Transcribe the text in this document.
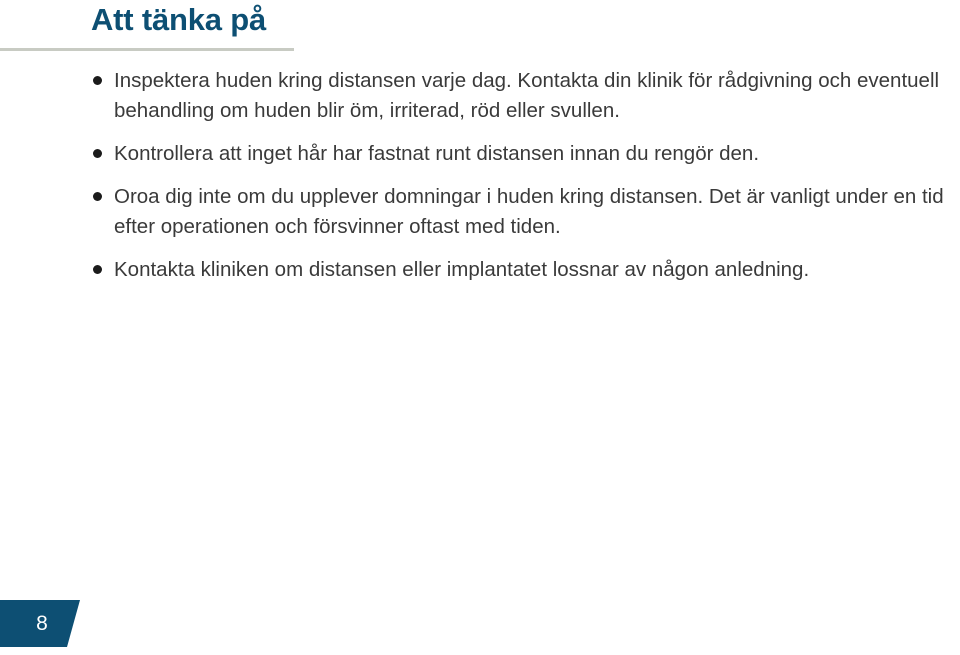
Att tänka på
Inspektera huden kring distansen varje dag. Kontakta din klinik för rådgivning och eventuell behandling om huden blir öm, irriterad, röd eller svullen.
Kontrollera att inget hår har fastnat runt distansen innan du rengör den.
Oroa dig inte om du upplever domningar i huden kring distansen. Det är vanligt under en tid efter operationen och försvinner oftast med tiden.
Kontakta kliniken om distansen eller implantatet lossnar av någon anledning.
8
